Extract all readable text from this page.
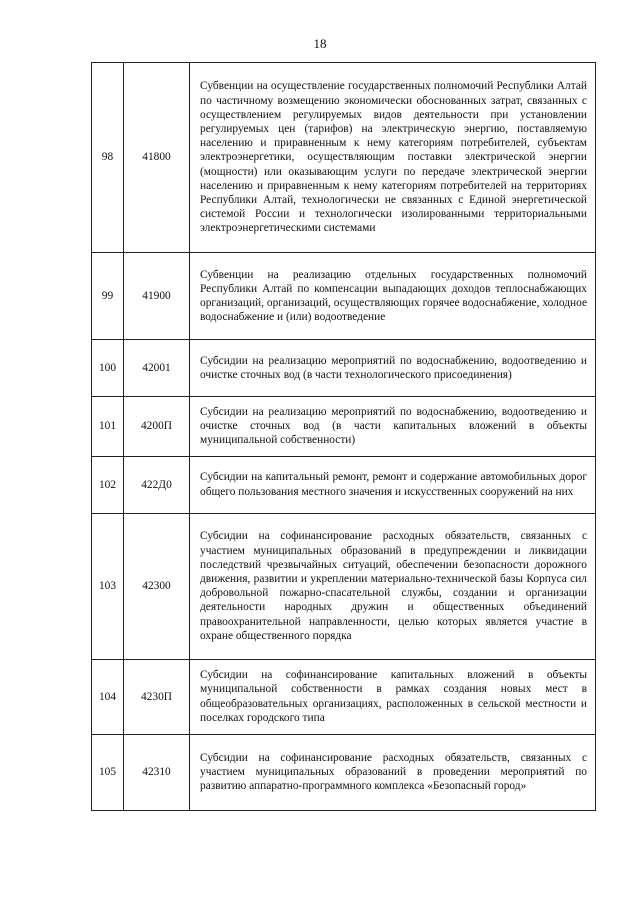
18
98	41800	Субвенции на осуществление государственных полномочий Республики Алтай по частичному возмещению экономически обоснованных затрат, связанных с осуществлением регулируемых видов деятельности при установлении регулируемых цен (тарифов) на электрическую энергию, поставляемую населению и приравненным к нему категориям потребителей, субъектам электроэнергетики, осуществляющим поставки электрической энергии (мощности) или оказывающим услуги по передаче электрической энергии населению и приравненным к нему категориям потребителей на территориях Республики Алтай, технологически не связанных с Единой энергетической системой России и технологически изолированными территориальными электроэнергетическими системами
99	41900	Субвенции на реализацию отдельных государственных полномочий Республики Алтай по компенсации выпадающих доходов теплоснабжающих организаций, организаций, осуществляющих горячее водоснабжение, холодное водоснабжение и (или) водоотведение
100	42001	Субсидии на реализацию мероприятий по водоснабжению, водоотведению и очистке сточных вод (в части технологического присоединения)
101	4200П	Субсидии на реализацию мероприятий по водоснабжению, водоотведению и очистке сточных вод (в части капитальных вложений в объекты муниципальной собственности)
102	422Д0	Субсидии на капитальный ремонт, ремонт и содержание автомобильных дорог общего пользования местного значения и искусственных сооружений на них
103	42300	Субсидии на софинансирование расходных обязательств, связанных с участием муниципальных образований в предупреждении и ликвидации последствий чрезвычайных ситуаций, обеспечении безопасности дорожного движения, развитии и укреплении материально-технической базы Корпуса сил добровольной пожарно-спасательной службы, создании и организации деятельности народных дружин и общественных объединений правоохранительной направленности, целью которых является участие в охране общественного порядка
104	4230П	Субсидии на софинансирование капитальных вложений в объекты муниципальной собственности в рамках создания новых мест в общеобразовательных организациях, расположенных в сельской местности и поселках городского типа
105	42310	Субсидии на софинансирование расходных обязательств, связанных с участием муниципальных образований в проведении мероприятий по развитию аппаратно-программного комплекса «Безопасный город»
